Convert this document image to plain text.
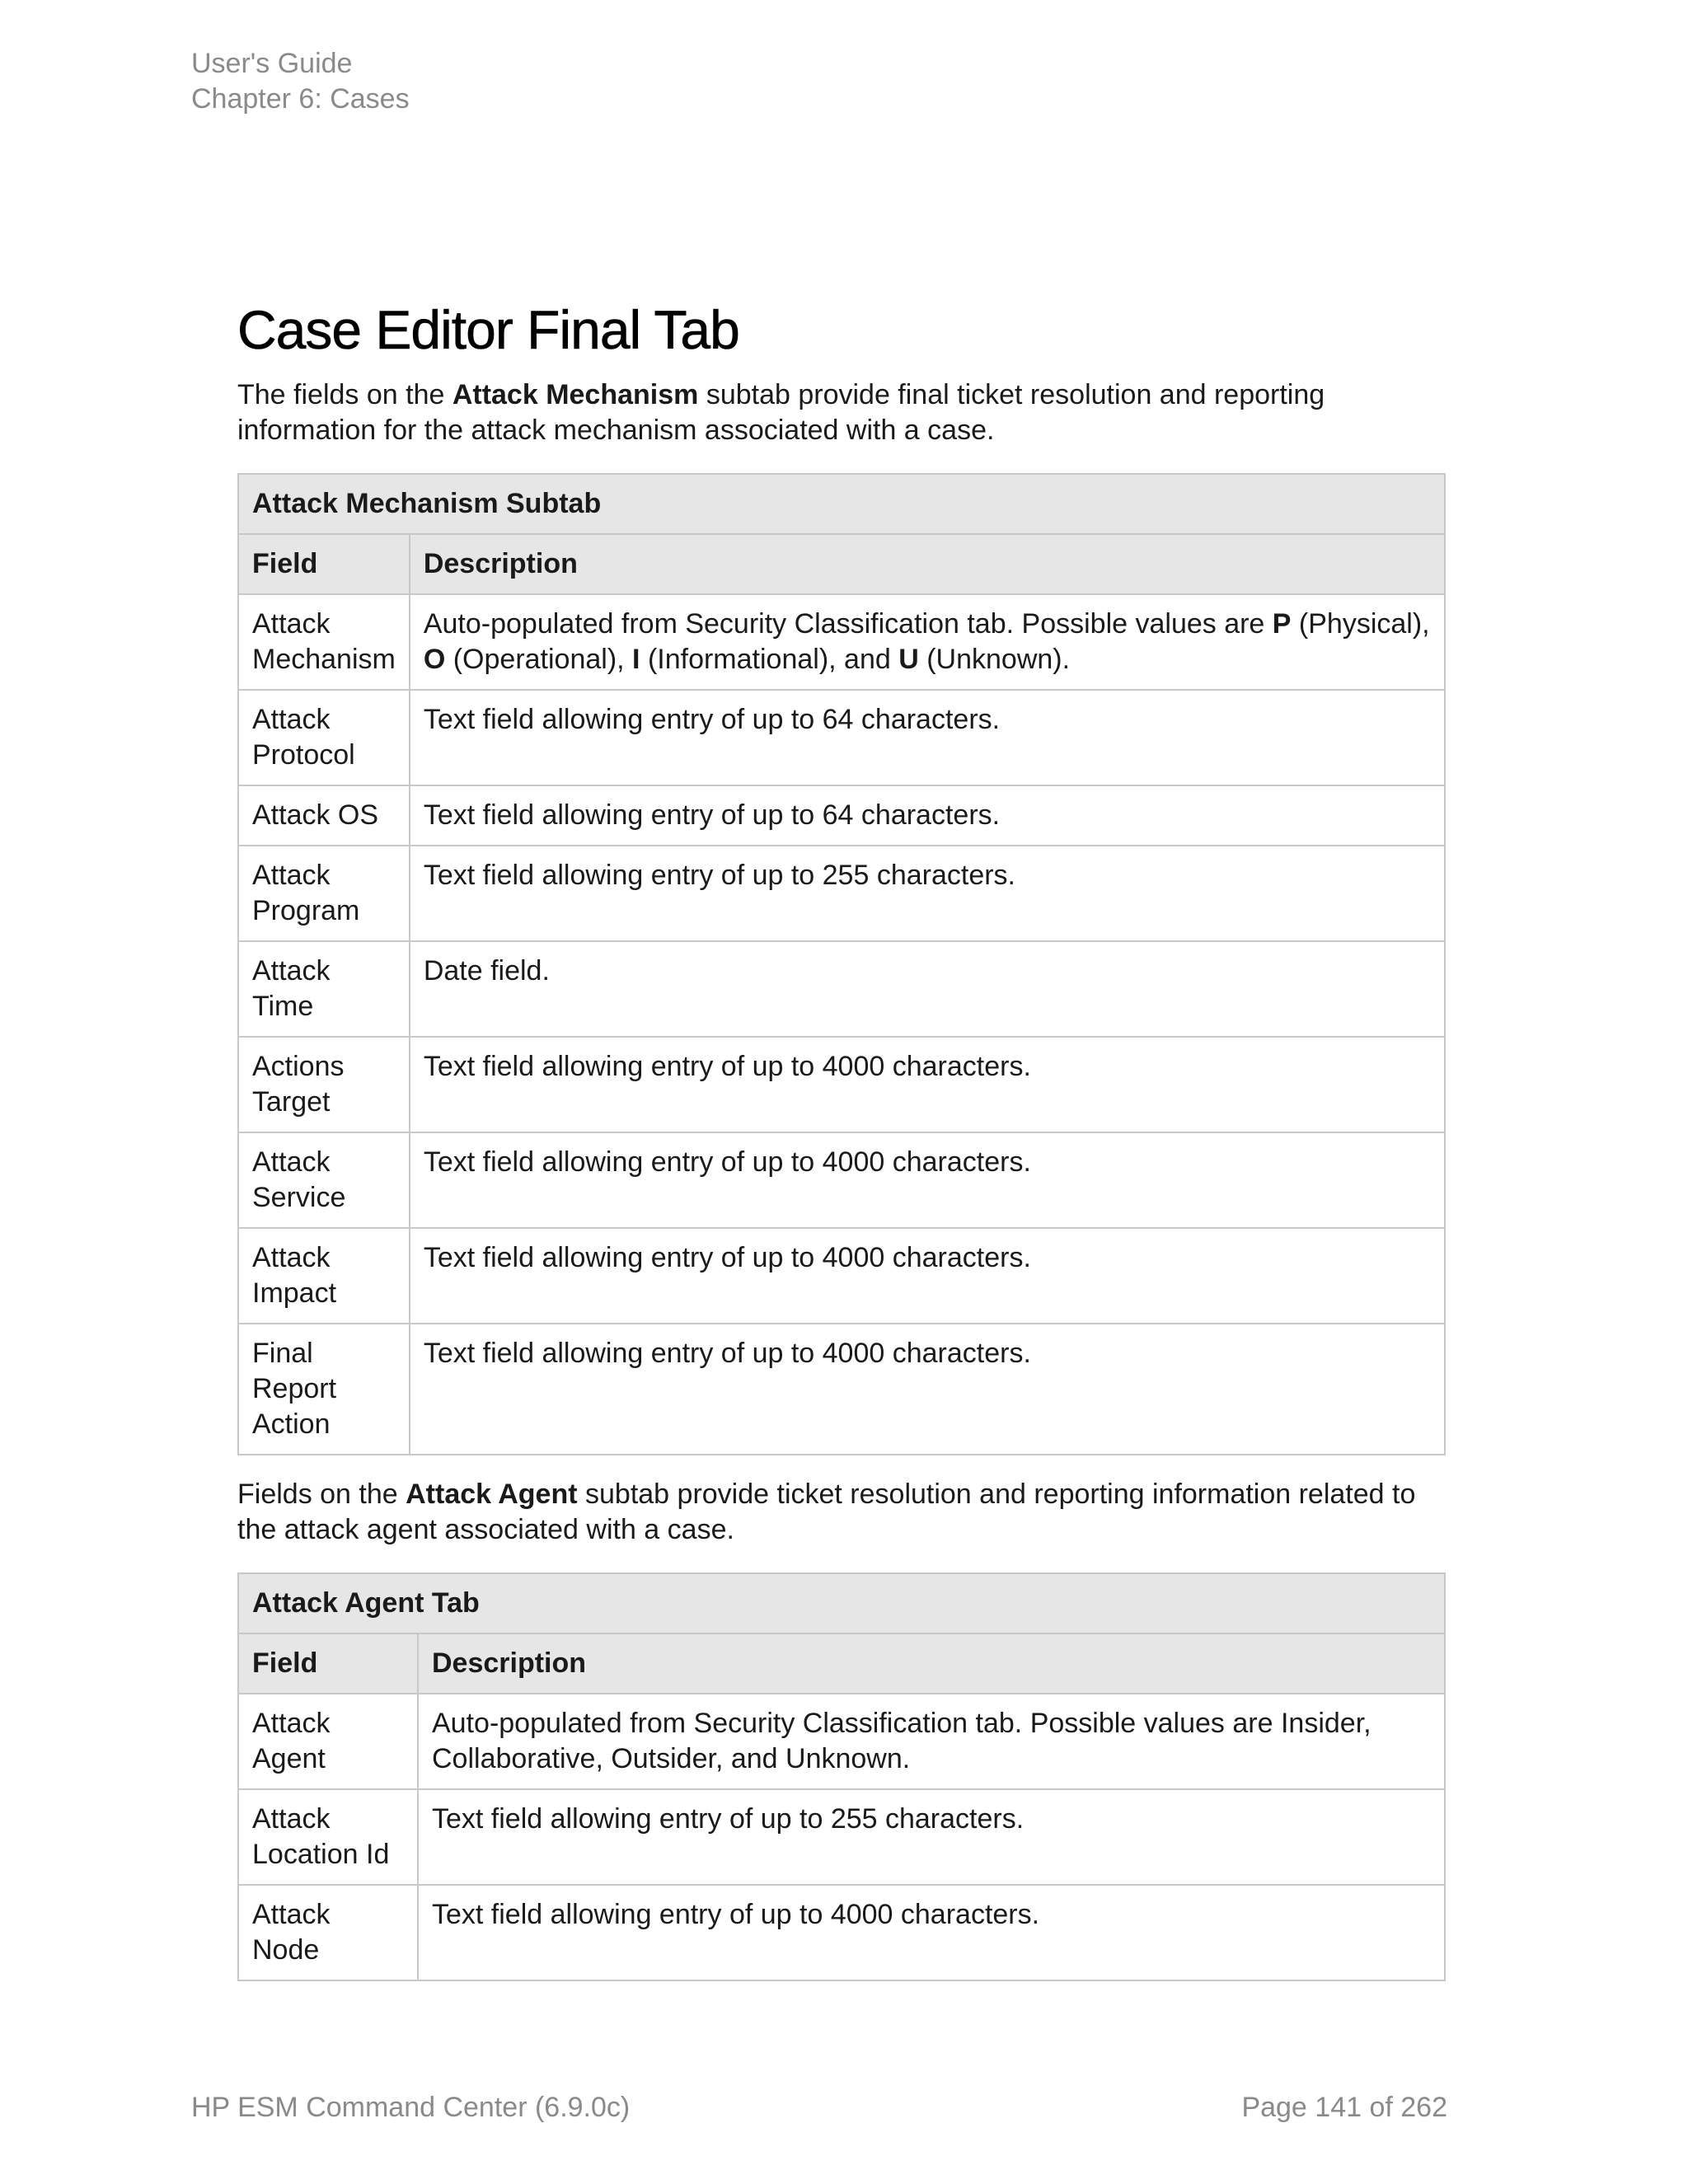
User's Guide
Chapter 6: Cases
Case Editor Final Tab

The fields on the Attack Mechanism subtab provide final ticket resolution and reporting information for the attack mechanism associated with a case.

Attack Mechanism Subtab	
Field	Description
Attack Mechanism	Auto-populated from Security Classification tab. Possible values are P (Physical), O (Operational), I (Informational), and U (Unknown).
Attack Protocol	Text field allowing entry of up to 64 characters.
Attack OS	Text field allowing entry of up to 64 characters.
Attack Program	Text field allowing entry of up to 255 characters.
Attack Time	Date field.
Actions Target	Text field allowing entry of up to 4000 characters.
Attack Service	Text field allowing entry of up to 4000 characters.
Attack Impact	Text field allowing entry of up to 4000 characters.
Final Report Action	Text field allowing entry of up to 4000 characters.

Fields on the Attack Agent subtab provide ticket resolution and reporting information related to the attack agent associated with a case.

Attack Agent Tab	
Field	Description
Attack Agent	Auto-populated from Security Classification tab. Possible values are Insider, Collaborative, Outsider, and Unknown.
Attack Location Id	Text field allowing entry of up to 255 characters.
Attack Node	Text field allowing entry of up to 4000 characters.
HP ESM Command Center (6.9.0c)	Page 141 of 262
